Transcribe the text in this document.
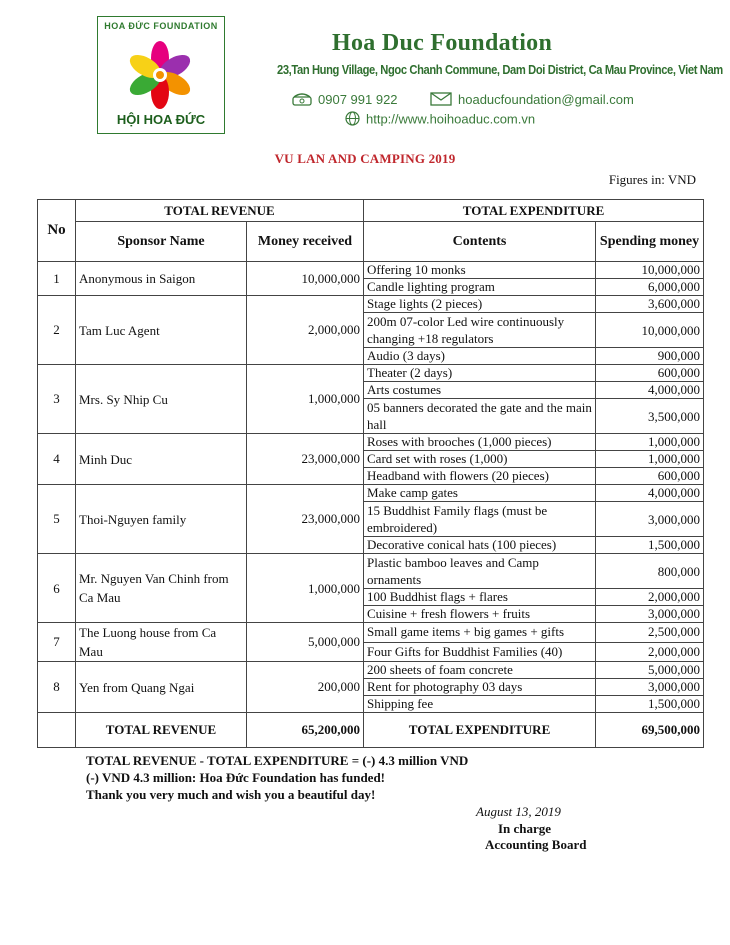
HOA ĐỨC FOUNDATION
HỘI HOA ĐỨC
Hoa Duc Foundation
23,Tan Hung Village, Ngoc Chanh Commune, Dam Doi District, Ca Mau Province, Viet Nam
0907 991 922	hoaducfoundation@gmail.com
http://www.hoihoaduc.com.vn
VU LAN AND CAMPING 2019
Figures in: VND
No	TOTAL REVENUE		TOTAL EXPENDITURE	
	Sponsor Name	Money received	Contents	Spending money
1	Anonymous in Saigon	10,000,000	Offering 10 monks	10,000,000
			Candle lighting program	6,000,000
2	Tam Luc Agent	2,000,000	Stage lights (2 pieces)	3,600,000
			200m 07-color Led wire continuously changing +18 regulators	10,000,000
			Audio (3 days)	900,000
3	Mrs. Sy Nhip Cu	1,000,000	Theater (2 days)	600,000
			Arts costumes	4,000,000
			05 banners decorated the gate and the main hall	3,500,000
4	Minh Duc	23,000,000	Roses with brooches (1,000 pieces)	1,000,000
			Card set with roses (1,000)	1,000,000
			Headband with flowers (20 pieces)	600,000
5	Thoi-Nguyen family	23,000,000	Make camp gates	4,000,000
			15 Buddhist Family flags (must be embroidered)	3,000,000
			Decorative conical hats (100 pieces)	1,500,000
6	Mr. Nguyen Van Chinh from Ca Mau	1,000,000	Plastic bamboo leaves and Camp ornaments	800,000
			100 Buddhist flags + flares	2,000,000
			Cuisine + fresh flowers + fruits	3,000,000
7	The Luong house from Ca Mau	5,000,000	Small game items + big games + gifts	2,500,000
			Four Gifts for Buddhist Families (40)	2,000,000
8	Yen from Quang Ngai	200,000	200 sheets of foam concrete	5,000,000
			Rent for photography 03 days	3,000,000
			Shipping fee	1,500,000
	TOTAL REVENUE	65,200,000	TOTAL EXPENDITURE	69,500,000
TOTAL REVENUE - TOTAL EXPENDITURE = (-) 4.3 million VND
(-) VND 4.3 million: Hoa Đức Foundation has funded!
Thank you very much and wish you a beautiful day!
August 13, 2019
In charge
Accounting Board
